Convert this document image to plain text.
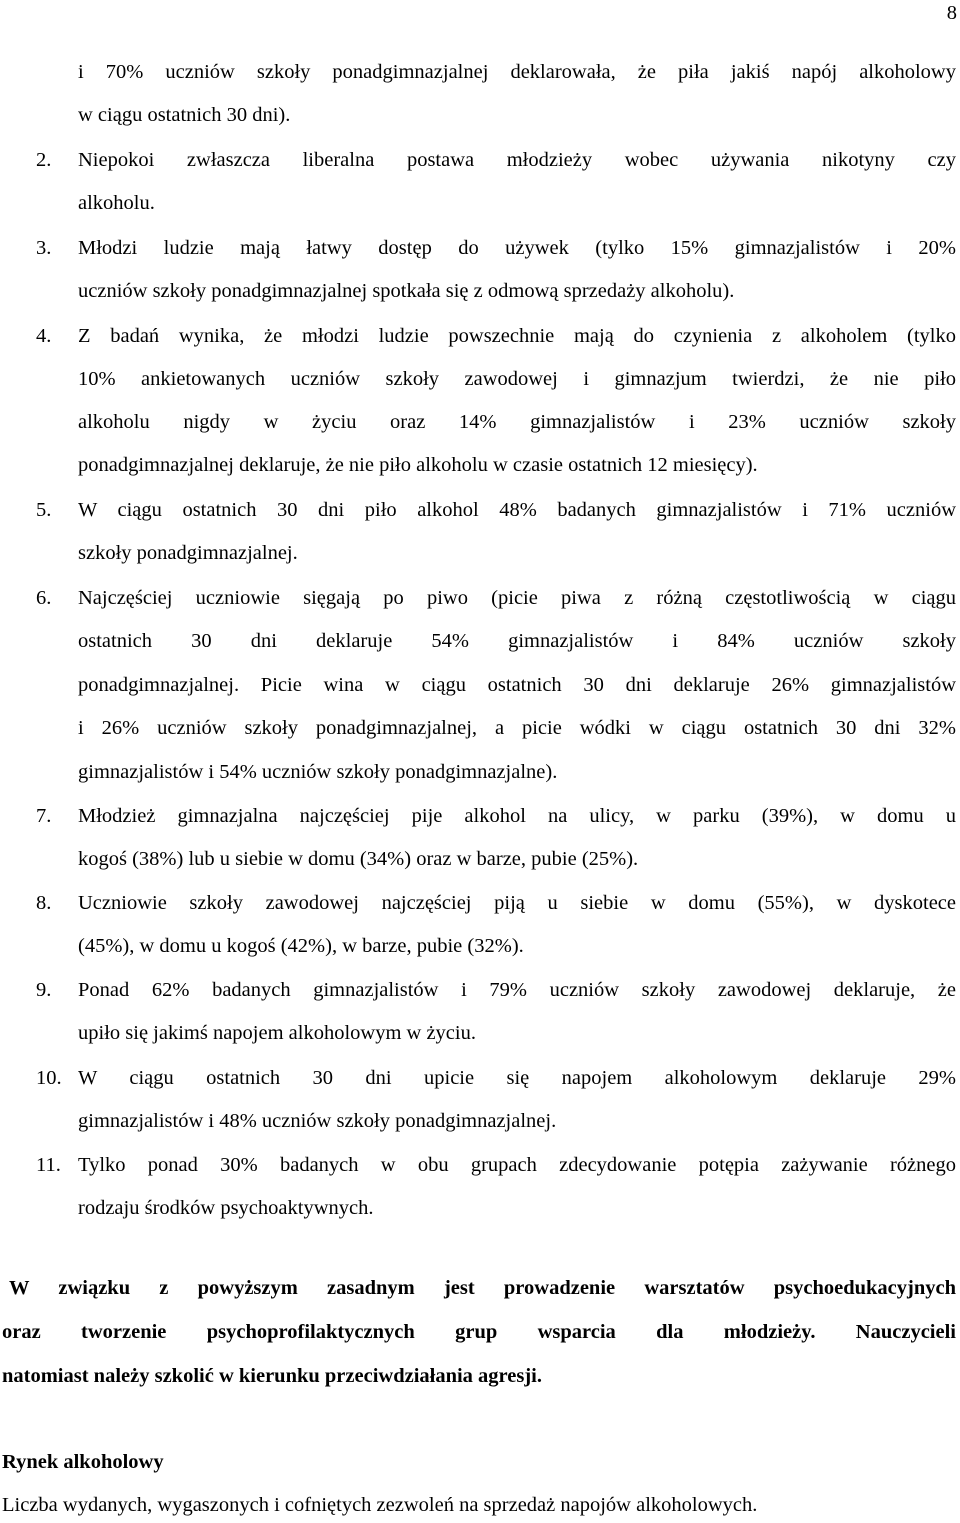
8
i 70% uczniów szkoły ponadgimnazjalnej deklarowała, że piła jakiś napój alkoholowy
w ciągu ostatnich 30 dni).
2. Niepokoi zwłaszcza liberalna postawa młodzieży wobec używania nikotyny czy
alkoholu.
3. Młodzi ludzie mają łatwy dostęp do używek (tylko 15% gimnazjalistów i 20%
uczniów szkoły ponadgimnazjalnej spotkała się z odmową sprzedaży alkoholu).
4. Z badań wynika, że młodzi ludzie powszechnie mają do czynienia z alkoholem (tylko
10% ankietowanych uczniów szkoły zawodowej i gimnazjum twierdzi, że nie piło
alkoholu nigdy w życiu oraz 14% gimnazjalistów i 23% uczniów szkoły
ponadgimnazjalnej deklaruje, że nie piło alkoholu w czasie ostatnich 12 miesięcy).
5. W ciągu ostatnich 30 dni piło alkohol 48% badanych gimnazjalistów i 71% uczniów
szkoły ponadgimnazjalnej.
6. Najczęściej uczniowie sięgają po piwo (picie piwa z różną częstotliwością w ciągu
ostatnich 30 dni deklaruje 54% gimnazjalistów i 84% uczniów szkoły
ponadgimnazjalnej. Picie wina w ciągu ostatnich 30 dni deklaruje 26% gimnazjalistów
i 26% uczniów szkoły ponadgimnazjalnej, a picie wódki w ciągu ostatnich 30 dni 32%
gimnazjalistów i 54% uczniów szkoły ponadgimnazjalne).
7. Młodzież gimnazjalna najczęściej pije alkohol na ulicy, w parku (39%), w domu u
kogoś (38%) lub u siebie w domu (34%) oraz w barze, pubie (25%).
8. Uczniowie szkoły zawodowej najczęściej piją u siebie w domu (55%), w dyskotece
(45%), w domu u kogoś (42%), w barze, pubie (32%).
9. Ponad 62% badanych gimnazjalistów i 79% uczniów szkoły zawodowej deklaruje, że
upiło się jakimś napojem alkoholowym w życiu.
10. W ciągu ostatnich 30 dni upicie się napojem alkoholowym deklaruje 29%
gimnazjalistów i 48% uczniów szkoły ponadgimnazjalnej.
11. Tylko ponad 30% badanych w obu grupach zdecydowanie potępia zażywanie różnego
rodzaju środków psychoaktywnych.
W związku z powyższym zasadnym jest prowadzenie warsztatów psychoedukacyjnych
oraz tworzenie psychoprofilaktycznych grup wsparcia dla młodzieży. Nauczycieli
natomiast należy szkolić w kierunku przeciwdziałania agresji.
Rynek alkoholowy
Liczba wydanych, wygaszonych i cofniętych zezwoleń na sprzedaż napojów alkoholowych.
